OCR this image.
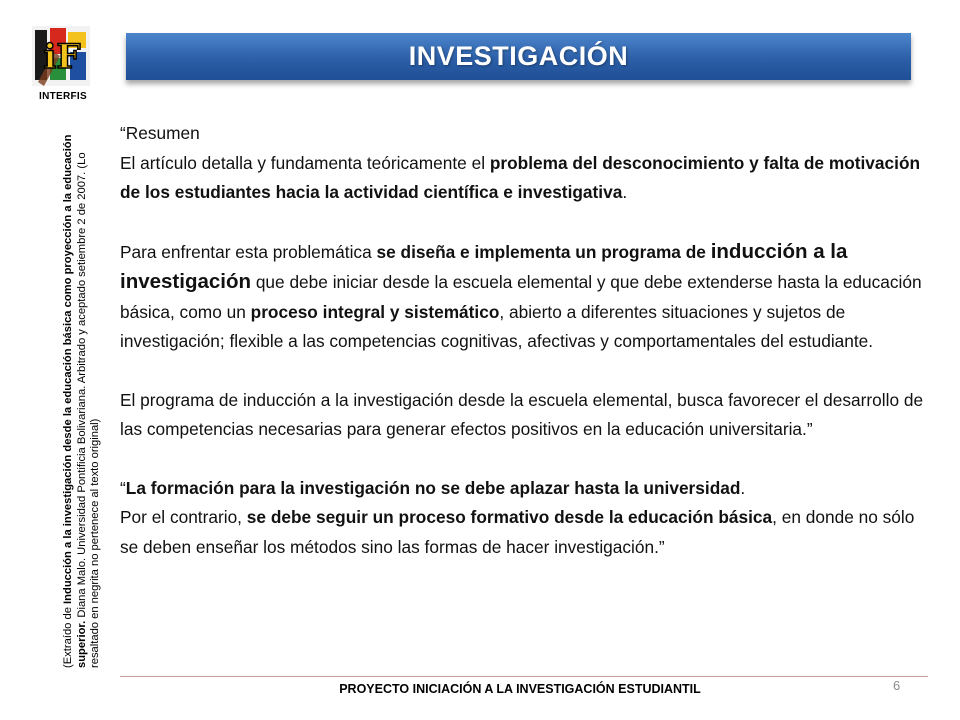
iF
INTERFIS
INVESTIGACIÓN
(Extraído de Inducción a la investigación desde la educación básica como proyección a la educación superior. Diana Malo. Universidad Pontificia Bolivariana. Arbitrado y aceptado setiembre 2 de 2007. (Lo resaltado en negrita no pertenece al texto original)

“Resumen

El artículo detalla y fundamenta teóricamente el problema del desconocimiento y falta de motivación de los estudiantes hacia la actividad científica e investigativa.

Para enfrentar esta problemática se diseña e implementa un programa de inducción a la investigación que debe iniciar desde la escuela elemental y que debe extenderse hasta la educación básica, como un proceso integral y sistemático, abierto a diferentes situaciones y sujetos de investigación; flexible a las competencias cognitivas, afectivas y comportamentales del estudiante.

El programa de inducción a la investigación desde la escuela elemental, busca favorecer el desarrollo de las competencias necesarias para generar efectos positivos en la educación universitaria.”

“La formación para la investigación no se debe aplazar hasta la universidad.

Por el contrario, se debe seguir un proceso formativo desde la educación básica, en donde no sólo se deben enseñar los métodos sino las formas de hacer investigación.”

PROYECTO INICIACIÓN A LA INVESTIGACIÓN ESTUDIANTIL	6
